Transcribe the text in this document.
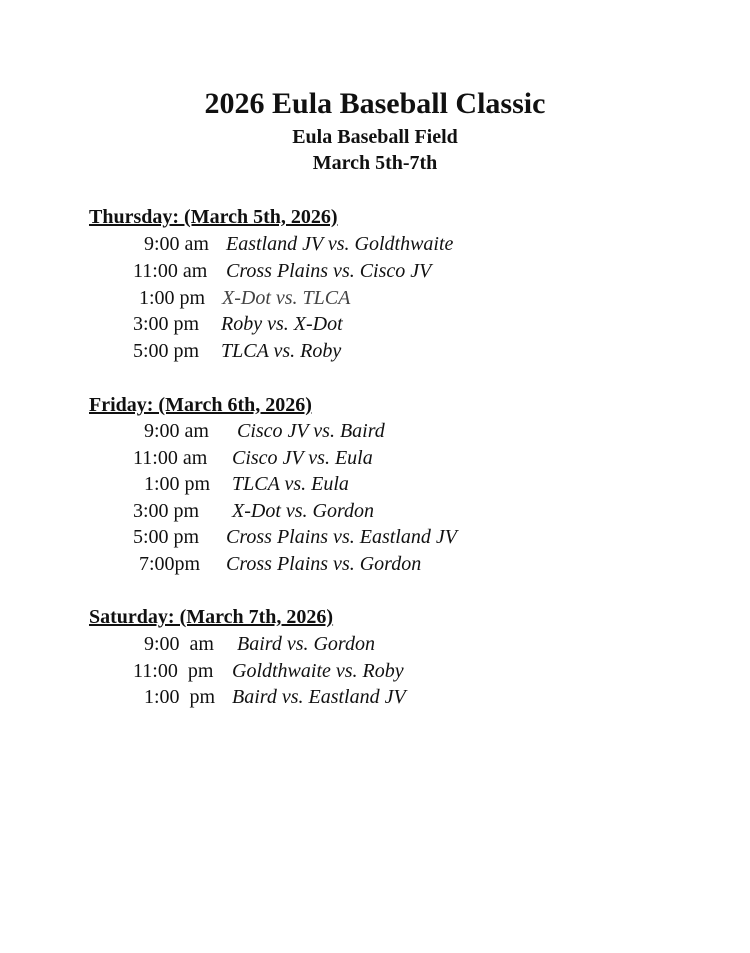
2026 Eula Baseball Classic
Eula Baseball Field
March 5th-7th
Thursday: (March 5th, 2026)
9:00 am Eastland JV vs. Goldthwaite
11:00 am Cross Plains vs. Cisco JV
1:00 pm X-Dot vs. TLCA
3:00 pm Roby vs. X-Dot
5:00 pm TLCA vs. Roby
Friday: (March 6th, 2026)
9:00 am Cisco JV vs. Baird
11:00 am Cisco JV vs. Eula
1:00 pm TLCA vs. Eula
3:00 pm X-Dot vs. Gordon
5:00 pm Cross Plains vs. Eastland JV
7:00pm Cross Plains vs. Gordon
Saturday: (March 7th, 2026)
9:00  am Baird vs. Gordon
11:00  pm Goldthwaite vs. Roby
1:00  pm Baird vs. Eastland JV
